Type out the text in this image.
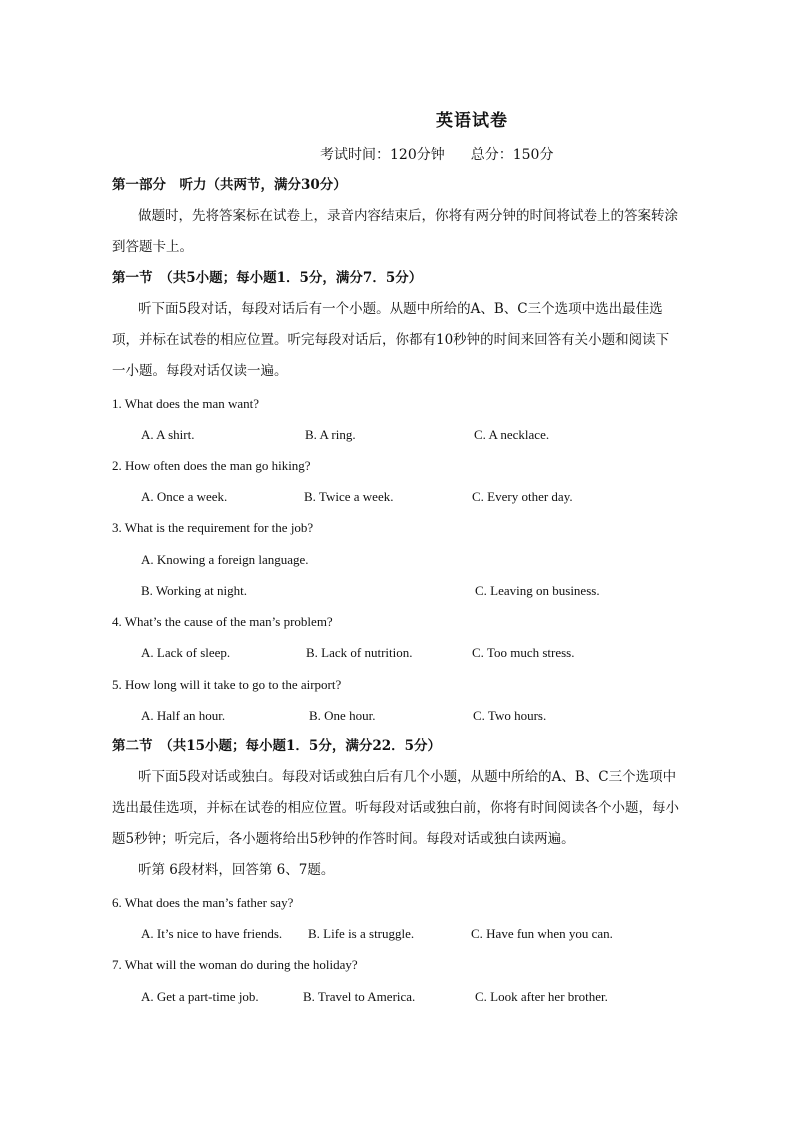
英语试卷
考试时间：120分钟 总分：150分
第一部分　听力（共两节，满分30分）
做题时，先将答案标在试卷上，录音内容结束后，你将有两分钟的时间将试卷上的答案转涂到答题卡上。
第一节　（共5小题；每小题1．5分，满分7．5分）
听下面5段对话，每段对话后有一个小题。从题中所给的A、B、C三个选项中选出最佳选项，并标在试卷的相应位置。听完每段对话后，你都有10秒钟的时间来回答有关小题和阅读下一小题。每段对话仅读一遍。
1. What does the man want?
A. A shirt.	B. A ring.	C. A necklace.
2. How often does the man go hiking?
A. Once a week.	B. Twice a week.	C. Every other day.
3. What is the requirement for the job?
A. Knowing a foreign language.
B. Working at night.	C. Leaving on business.
4. What’s the cause of the man’s problem?
A. Lack of sleep.	B. Lack of nutrition.	C. Too much stress.
5. How long will it take to go to the airport?
A. Half an hour.	B. One hour.	C. Two hours.
第二节　（共15小题；每小题1．5分，满分22．5分）
听下面5段对话或独白。每段对话或独白后有几个小题，从题中所给的A、B、C三个选项中选出最佳选项，并标在试卷的相应位置。听每段对话或独白前，你将有时间阅读各个小题，每小题5秒钟；听完后，各小题将给出5秒钟的作答时间。每段对话或独白读两遍。
听第 6段材料，回答第 6、7题。
6. What does the man’s father say?
A. It’s nice to have friends. B. Life is a struggle.	C. Have fun when you can.
7. What will the woman do during the holiday?
A. Get a part-time job.	B. Travel to America.	C. Look after her brother.
